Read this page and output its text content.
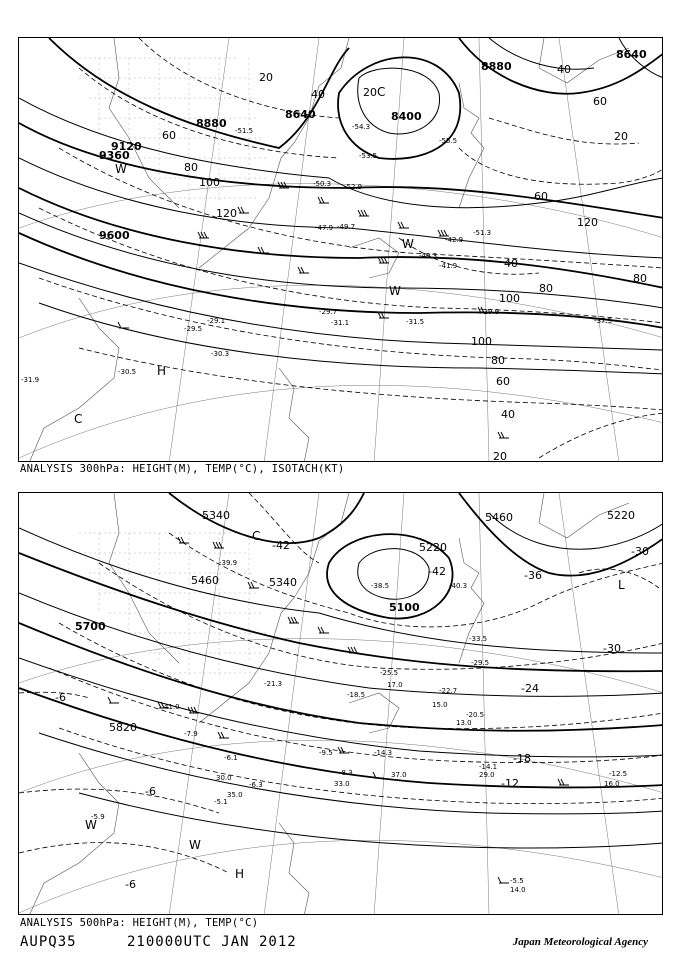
8640
8880
9120
9360
9600
8400
8640
8880
20
40
60
80
100
120
100
80
60
40
20
40
80
100
120
60
20
40
60
80
-53.5
-54.3
-51.5
-55.5
-52.9
-50.3
-51.3
-49.7
-42.9
-37.5
-31.5
-31.1
-29.7	-29.9
-30.5
-30.3
-29.1
-29.5
-31.9
-41.9
-40.3
-47.9
C
20
W
H
C
W
W
ANALYSIS 300hPa: HEIGHT(M), TEMP(°C), ISOTACH(KT)
5340
5460	5340
5700
5820
5100
5220
5460	5220
-42
-42	-36
-30
-30
-24
-18
-12
-6
-6
-6
-39.9
-38.5	-40.3
-33.5
-29.5
-25.5
-21.3
-18.5	-22.7
-20.5
-14.3
-14.1
-12.5
-9.5
-8.3
-7.9
-5.1
-5.5
-6.3
-5.9
-6.1
41.0
37.0
33.0
35.0
30.0	29.0
16.0
14.0
13.0
15.0
17.0
C
L
W
W
H
ANALYSIS 500hPa: HEIGHT(M), TEMP(°C)
AUPQ35	210000UTC JAN 2012	Japan Meteorological Agency
